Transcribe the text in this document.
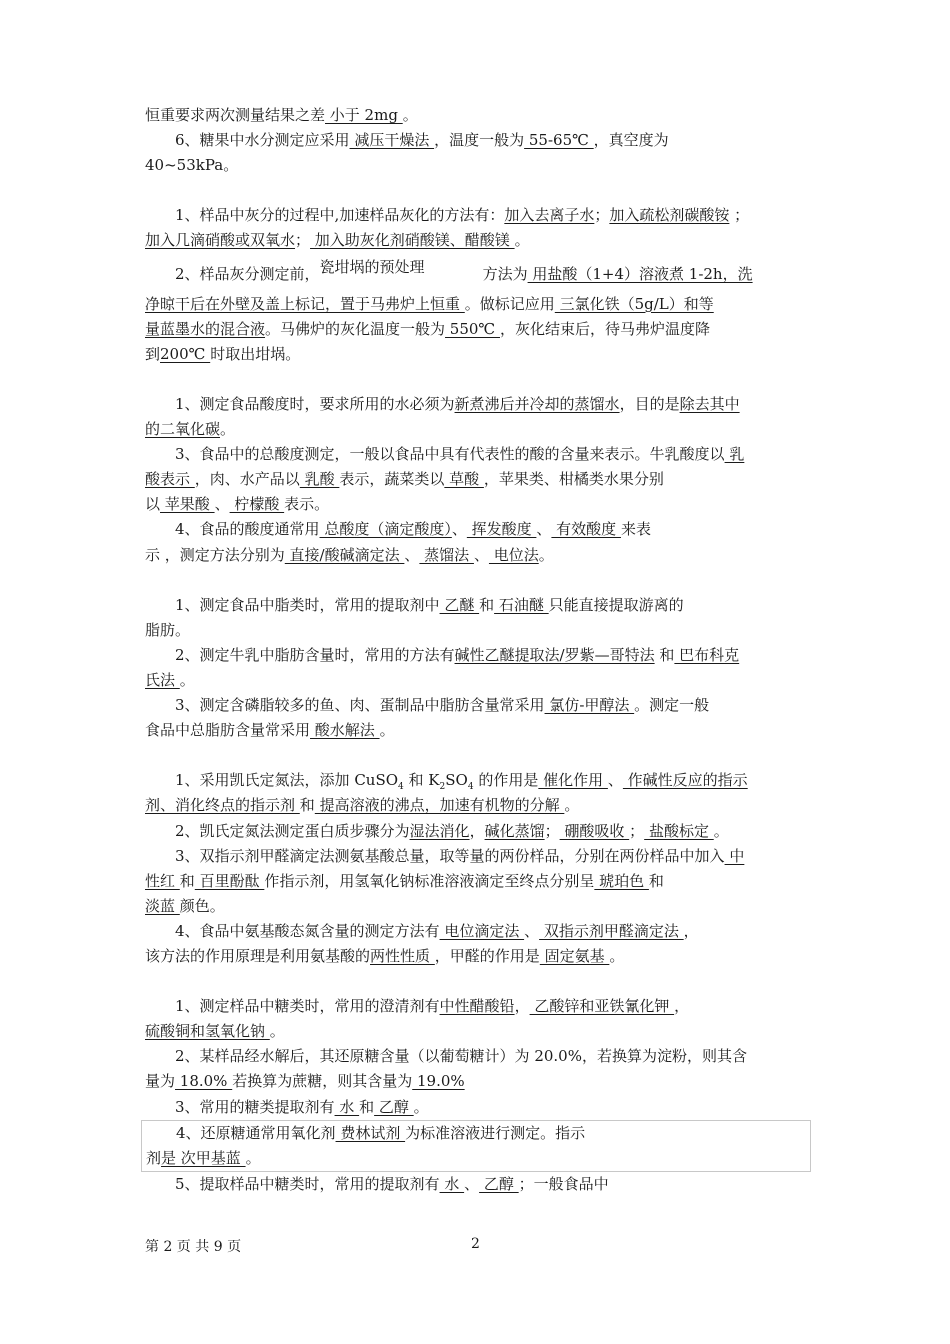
恒重要求两次测量结果之差 小于 2mg 。
6、糖果中水分测定应采用 减压干燥法 ，温度一般为 55-65℃ ，真空度为
40~53kPa。
1、样品中灰分的过程中,加速样品灰化的方法有：加入去离子水；加入疏松剂碳酸铵 ；
加入几滴硝酸或双氧水； 加入助灰化剂硝酸镁、醋酸镁 。
2、样品灰分测定前，瓷坩埚的预处理	方法为 用盐酸（1+4）溶液煮 1-2h，洗
净晾干后在外壁及盖上标记，置于马弗炉上恒重 。做标记应用 三氯化铁（5g/L）和等
量蓝墨水的混合液。马佛炉的灰化温度一般为 550℃ ，灰化结束后，待马弗炉温度降
到200℃ 时取出坩埚。
1、测定食品酸度时，要求所用的水必须为新煮沸后并冷却的蒸馏水，目的是除去其中
的二氧化碳。
3、食品中的总酸度测定，一般以食品中具有代表性的酸的含量来表示。牛乳酸度以 乳
酸表示 ，肉、水产品以 乳酸 表示，蔬菜类以 草酸 ，苹果类、柑橘类水果分别
以 苹果酸 、 柠檬酸 表示。
4、食品的酸度通常用 总酸度（滴定酸度）、 挥发酸度 、 有效酸度 来表
示 ，测定方法分别为 直接/酸碱滴定法 、 蒸馏法 、 电位法。
1、测定食品中脂类时，常用的提取剂中 乙醚 和 石油醚 只能直接提取游离的
脂肪。
2、测定牛乳中脂肪含量时，常用的方法有碱性乙醚提取法/罗紫—哥特法 和 巴布科克
氏法 。
3、测定含磷脂较多的鱼、肉、蛋制品中脂肪含量常采用 氯仿-甲醇法 。测定一般
食品中总脂肪含量常采用 酸水解法 。
1、采用凯氏定氮法，添加 CuSO$_4$ 和 $K_2SO_4$ 的作用是 催化作用 、 作碱性反应的指示
剂、消化终点的指示剂 和 提高溶液的沸点，加速有机物的分解 。
2、凯氏定氮法测定蛋白质步骤分为湿法消化，碱化蒸馏； 硼酸吸收 ； 盐酸标定 。
3、双指示剂甲醛滴定法测氨基酸总量，取等量的两份样品，分别在两份样品中加入 中
性红 和 百里酚酞 作指示剂，用氢氧化钠标准溶液滴定至终点分别呈 琥珀色 和
淡蓝 颜色。
4、食品中氨基酸态氮含量的测定方法有 电位滴定法 、 双指示剂甲醛滴定法 ，
该方法的作用原理是利用氨基酸的两性性质 ，甲醛的作用是 固定氨基 。
1、测定样品中糖类时，常用的澄清剂有中性醋酸铅， 乙酸锌和亚铁氰化钾 ，
硫酸铜和氢氧化钠 。
2、某样品经水解后，其还原糖含量（以葡萄糖计）为 20.0%，若换算为淀粉，则其含
量为 18.0% 若换算为蔗糖，则其含量为 19.0%
3、常用的糖类提取剂有 水 和 乙醇 。
4、还原糖通常用氧化剂 费林试剂 为标准溶液进行测定。指示
剂是 次甲基蓝 。
5、提取样品中糖类时，常用的提取剂有 水 、 乙醇 ；一般食品中
第 2 页 共 9 页	2
